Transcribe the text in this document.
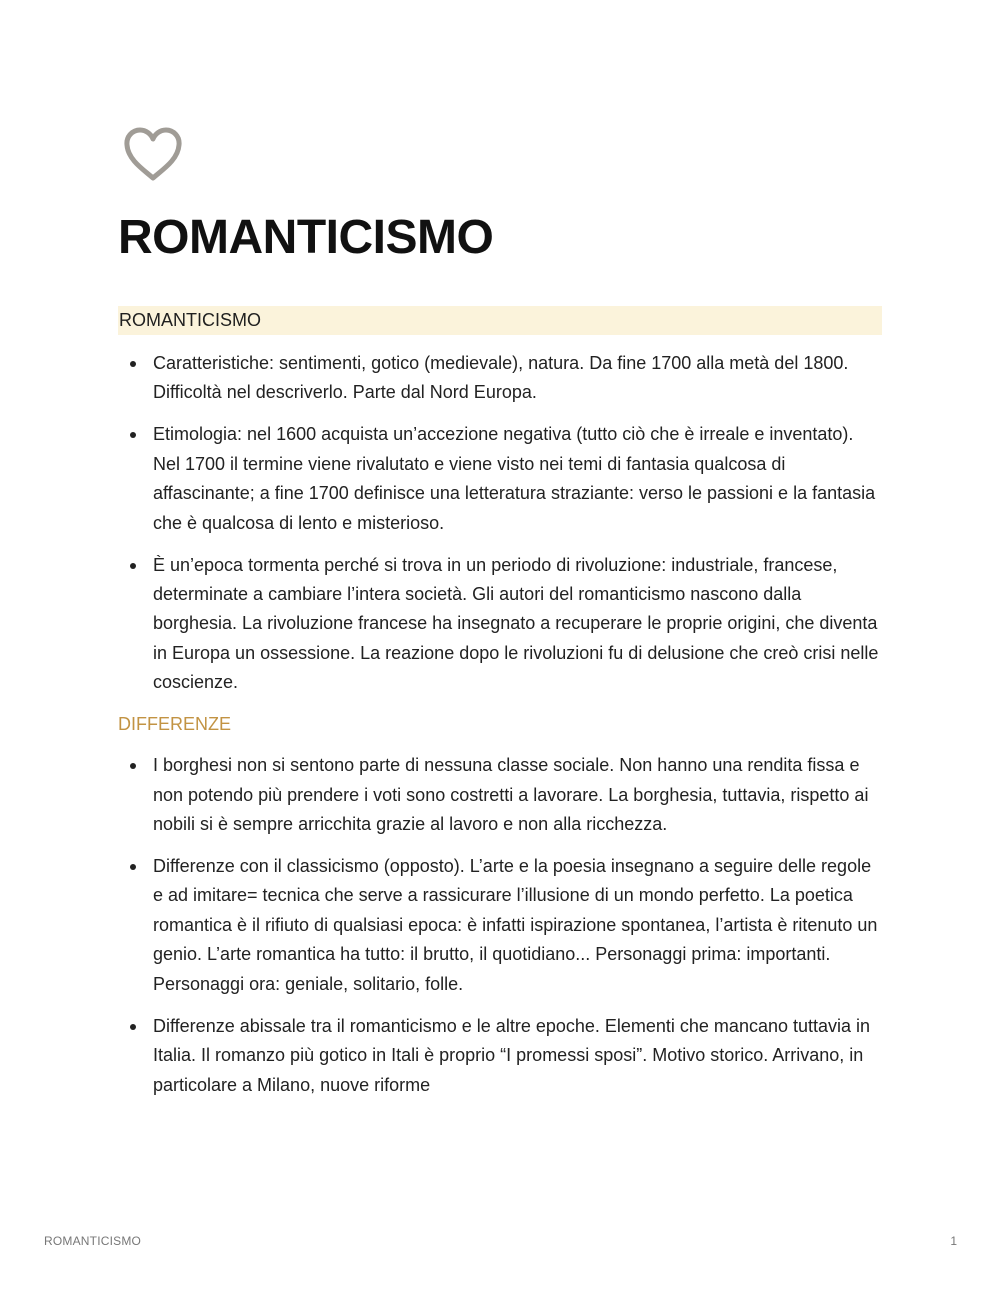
ROMANTICISMO
ROMANTICISMO
Caratteristiche: sentimenti, gotico (medievale), natura. Da fine 1700 alla metà del 1800. Difficoltà nel descriverlo. Parte dal Nord Europa.
Etimologia: nel 1600 acquista un’accezione negativa (tutto ciò che è irreale e inventato). Nel 1700 il termine viene rivalutato e viene visto nei temi di fantasia qualcosa di affascinante; a fine 1700 definisce una letteratura straziante: verso le passioni e la fantasia che è qualcosa di lento e misterioso.
È un’epoca tormenta perché si trova in un periodo di rivoluzione: industriale, francese, determinate a cambiare l’intera società. Gli autori del romanticismo nascono dalla borghesia. La rivoluzione francese ha insegnato a recuperare le proprie origini, che diventa in Europa un ossessione. La reazione dopo le rivoluzioni fu di delusione che creò crisi nelle coscienze.
DIFFERENZE
I borghesi non si sentono parte di nessuna classe sociale. Non hanno una rendita fissa e non potendo più prendere i voti sono costretti a lavorare. La borghesia, tuttavia, rispetto ai nobili si è sempre arricchita grazie al lavoro e non alla ricchezza.
Differenze con il classicismo (opposto). L’arte e la poesia insegnano a seguire delle regole e ad imitare= tecnica che serve a rassicurare l’illusione di un mondo perfetto. La poetica romantica è il rifiuto di qualsiasi epoca: è infatti ispirazione spontanea, l’artista è ritenuto un genio. L’arte romantica ha tutto: il brutto, il quotidiano... Personaggi prima: importanti. Personaggi ora: geniale, solitario, folle.
Differenze abissale tra il romanticismo e le altre epoche. Elementi che mancano tuttavia in Italia. Il romanzo più gotico in Itali è proprio “I promessi sposi”. Motivo storico. Arrivano, in particolare a Milano, nuove riforme
ROMANTICISMO	1
